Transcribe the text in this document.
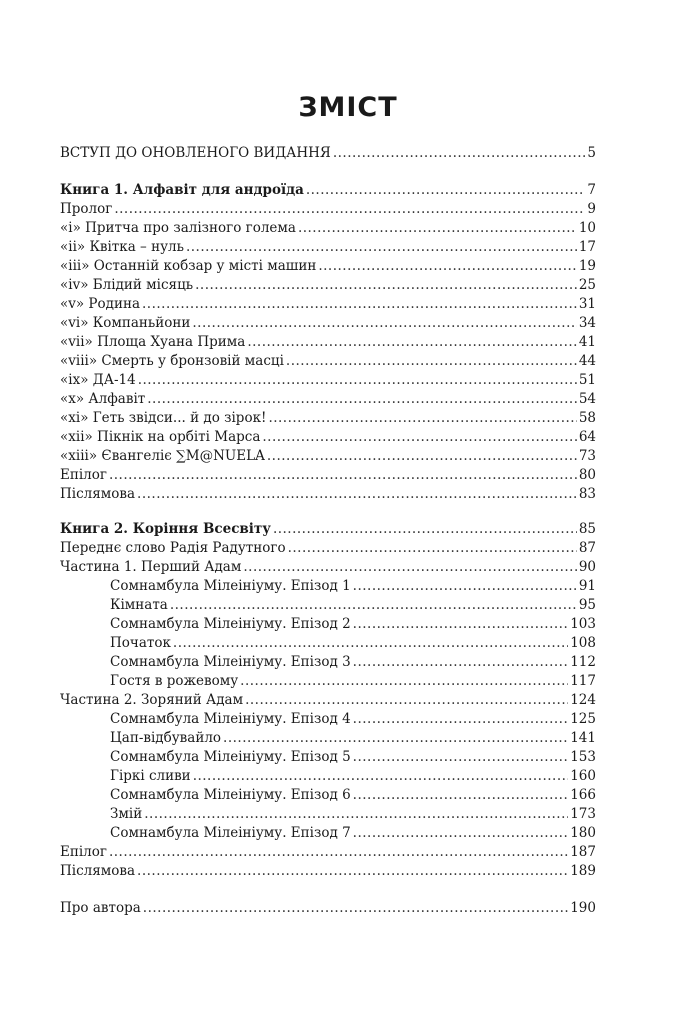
ЗМІСТ
ВСТУП ДО ОНОВЛЕНОГО ВИДАННЯ .....	5
Книга 1. Алфавіт для андроїда .....	7
Пролог .....	9
«і» Притча про залізного голема .....	10
«іі» Квітка – нуль .....	17
«ііі» Останній кобзар у місті машин .....	19
«iv» Блідий місяць .....	25
«v» Родина .....	31
«vi» Компаньйони .....	34
«vii» Площа Хуана Прима .....	41
«viii» Смерть у бронзовій масці .....	44
«ix» ДА-14 .....	51
«x» Алфавіт .....	54
«xi» Геть звідси... й до зірок! .....	58
«xii» Пікнік на орбіті Марса .....	64
«xiii» Євангеліє ∑M@NUELA .....	73
Епілог .....	80
Післямова .....	83
Книга 2. Коріння Всесвіту .....	85
Переднє слово Радія Радутного .....	87
Частина 1. Перший Адам .....	90
Сомнамбула Мілеініуму. Епізод 1 .....	91
Кімната .....	95
Сомнамбула Мілеініуму. Епізод 2 .....	103
Початок .....	108
Сомнамбула Мілеініуму. Епізод 3 .....	112
Гостя в рожевому .....	117
Частина 2. Зоряний Адам .....	124
Сомнамбула Мілеініуму. Епізод 4 .....	125
Цап-відбувайло .....	141
Сомнамбула Мілеініуму. Епізод 5 .....	153
Гіркі сливи .....	160
Сомнамбула Мілеініуму. Епізод 6 .....	166
Змій .....	173
Сомнамбула Мілеініуму. Епізод 7 .....	180
Епілог .....	187
Післямова .....	189
Про автора .....	190
